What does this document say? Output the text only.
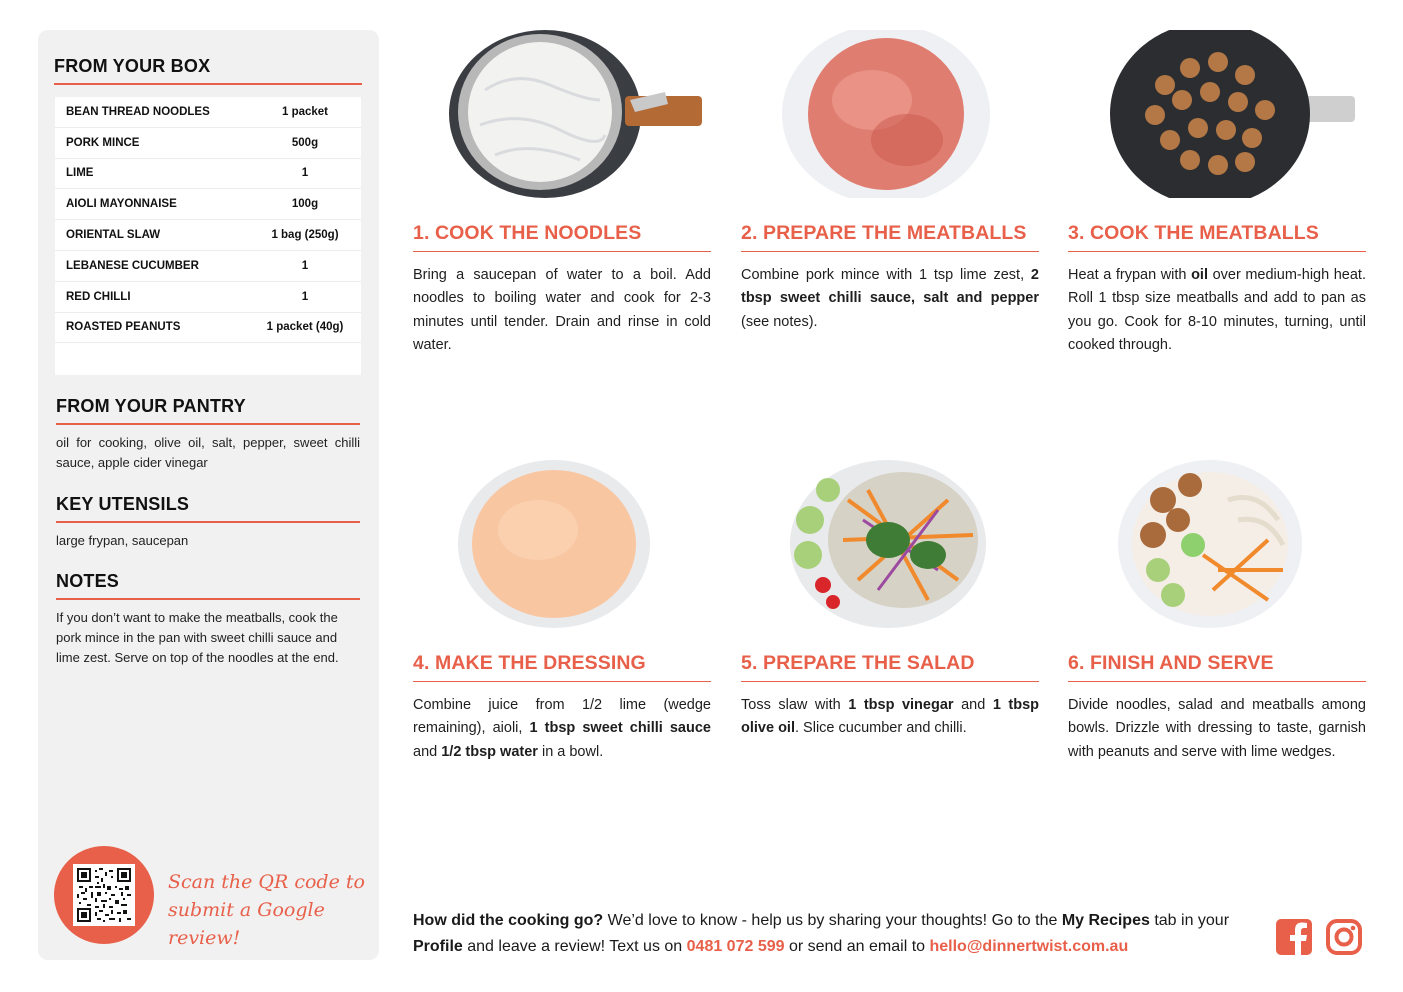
FROM YOUR BOX
BEAN THREAD NOODLES	1 packet
PORK MINCE	500g
LIME	1
AIOLI MAYONNAISE	100g
ORIENTAL SLAW	1 bag (250g)
LEBANESE CUCUMBER	1
RED CHILLI	1
ROASTED PEANUTS	1 packet (40g)
FROM YOUR PANTRY
oil for cooking, olive oil, salt, pepper, sweet chilli sauce, apple cider vinegar
KEY UTENSILS
large frypan, saucepan
NOTES
If you don’t want to make the meatballs, cook the pork mince in the pan with sweet chilli sauce and lime zest. Serve on top of the noodles at the end.
Scan the QR code to
submit a Google review!
1. COOK THE NOODLES
Bring a saucepan of water to a boil. Add noodles to boiling water and cook for 2-3 minutes until tender. Drain and rinse in cold water.
2. PREPARE THE MEATBALLS
Combine pork mince with 1 tsp lime zest, 2 tbsp sweet chilli sauce, salt and pepper (see notes).
3. COOK THE MEATBALLS
Heat a frypan with oil over medium-high heat. Roll 1 tbsp size meatballs and add to pan as you go. Cook for 8-10 minutes, turning, until cooked through.
4. MAKE THE DRESSING
Combine juice from 1/2 lime (wedge remaining), aioli, 1 tbsp sweet chilli sauce and 1/2 tbsp water in a bowl.
5. PREPARE THE SALAD
Toss slaw with 1 tbsp vinegar and 1 tbsp olive oil. Slice cucumber and chilli.
6. FINISH AND SERVE
Divide noodles, salad and meatballs among bowls. Drizzle with dressing to taste, garnish with peanuts and serve with lime wedges.
How did the cooking go? We’d love to know - help us by sharing your thoughts! Go to the My Recipes tab in your Profile and leave a review! Text us on 0481 072 599 or send an email to hello@dinnertwist.com.au
